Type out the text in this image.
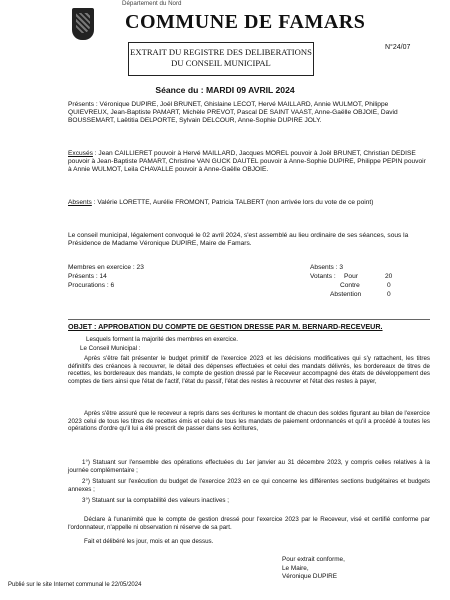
Département du Nord
COMMUNE DE FAMARS
EXTRAIT DU REGISTRE DES DELIBERATIONS
DU CONSEIL MUNICIPAL
N°24/07
Séance du : MARDI 09 AVRIL 2024
Présents : Véronique DUPIRE, Joël BRUNET, Ghislaine LECOT, Hervé MAILLARD, Annie WULMOT, Philippe QUIEVREUX, Jean-Baptiste PAMART, Michèle PREVOT, Pascal DE SAINT VAAST, Anne-Gaëlle OBJOIE, David BOUSSEMART, Laëtitia DELPORTE, Sylvain DELCOUR, Anne-Sophie DUPIRE JOLY.
Excusés : Jean CAILLIERET pouvoir à Hervé MAILLARD, Jacques MOREL pouvoir à Joël BRUNET, Christian DEDISE pouvoir à Jean-Baptiste PAMART, Christine VAN GUCK DAUTEL pouvoir à Anne-Sophie DUPIRE, Philippe PEPIN pouvoir à Annie WULMOT, Leila CHAVALLE pouvoir à Anne-Gaëlle OBJOIE.
Absents : Valérie LORETTE, Aurélie FROMONT, Patricia TALBERT (non arrivée lors du vote de ce point)
Le conseil municipal, légalement convoqué le 02 avril 2024, s'est assemblé au lieu ordinaire de ses séances, sous la Présidence de Madame Véronique DUPIRE, Maire de Famars.
Membres en exercice : 23
Présents : 14
Procurations : 6
Absents : 3
Votants : Pour	20
Contre	0
Abstention	0
OBJET : APPROBATION DU COMPTE DE GESTION DRESSE PAR M. BERNARD-RECEVEUR.
Lesquels forment la majorité des membres en exercice.
Le Conseil Municipal :
Après s'être fait présenter le budget primitif de l'exercice 2023 et les décisions modificatives qui s'y rattachent, les titres définitifs des créances à recouvrer, le détail des dépenses effectuées et celui des mandats délivrés, les bordereaux de titres de recettes, les bordereaux des mandats, le compte de gestion dressé par le Receveur accompagné des états de développement des comptes de tiers ainsi que l'état de l'actif, l'état du passif, l'état des restes à recouvrer et l'état des restes à payer,
Après s'être assuré que le receveur a repris dans ses écritures le montant de chacun des soldes figurant au bilan de l'exercice 2023 celui de tous les titres de recettes émis et celui de tous les mandats de paiement ordonnancés et qu'il a procédé à toutes les opérations d'ordre qu'il lui a été prescrit de passer dans ses écritures,
1°) Statuant sur l'ensemble des opérations effectuées du 1er janvier au 31 décembre 2023, y compris celles relatives à la journée complémentaire ;
2°) Statuant sur l'exécution du budget de l'exercice 2023 en ce qui concerne les différentes sections budgétaires et budgets annexes ;
3°) Statuant sur la comptabilité des valeurs inactives ;
Déclare à l'unanimité que le compte de gestion dressé pour l'exercice 2023 par le Receveur, visé et certifié conforme par l'ordonnateur, n'appelle ni observation ni réserve de sa part.
Fait et délibéré les jour, mois et an que dessus.
Pour extrait conforme,
Le Maire,
Véronique DUPIRE
Publié sur le site Internet communal le 22/05/2024
